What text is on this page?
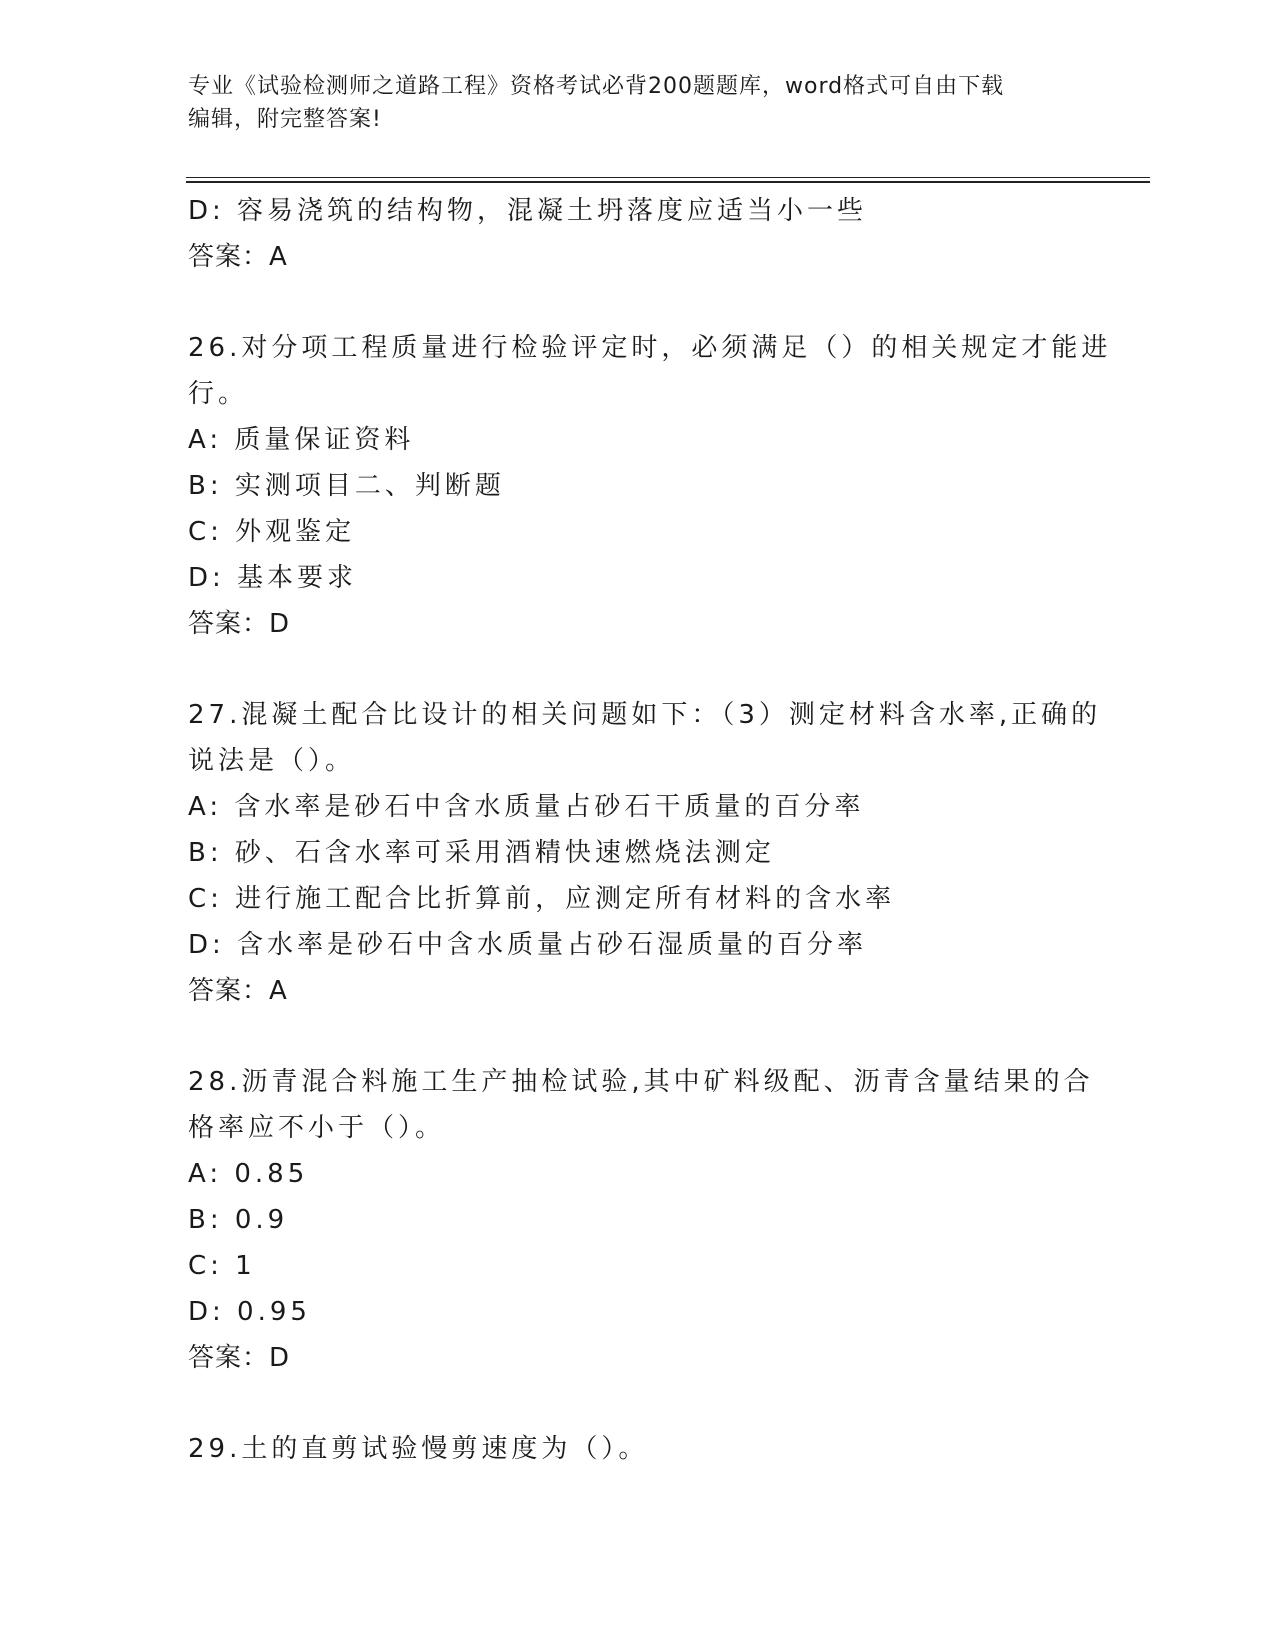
专业《试验检测师之道路工程》资格考试必背200题题库，word格式可自由下载
编辑，附完整答案!
D: 容易浇筑的结构物，混凝土坍落度应适当小一些
答案：A
26.对分项工程质量进行检验评定时，必须满足（）的相关规定才能进
行。
A: 质量保证资料
B: 实测项目二、判断题
C: 外观鉴定
D: 基本要求
答案：D
27.混凝土配合比设计的相关问题如下：（3）测定材料含水率,正确的
说法是（）。
A: 含水率是砂石中含水质量占砂石干质量的百分率
B: 砂、石含水率可采用酒精快速燃烧法测定
C: 进行施工配合比折算前，应测定所有材料的含水率
D: 含水率是砂石中含水质量占砂石湿质量的百分率
答案：A
28.沥青混合料施工生产抽检试验,其中矿料级配、沥青含量结果的合
格率应不小于（）。
A: 0.85
B: 0.9
C: 1
D: 0.95
答案：D
29.土的直剪试验慢剪速度为（）。
